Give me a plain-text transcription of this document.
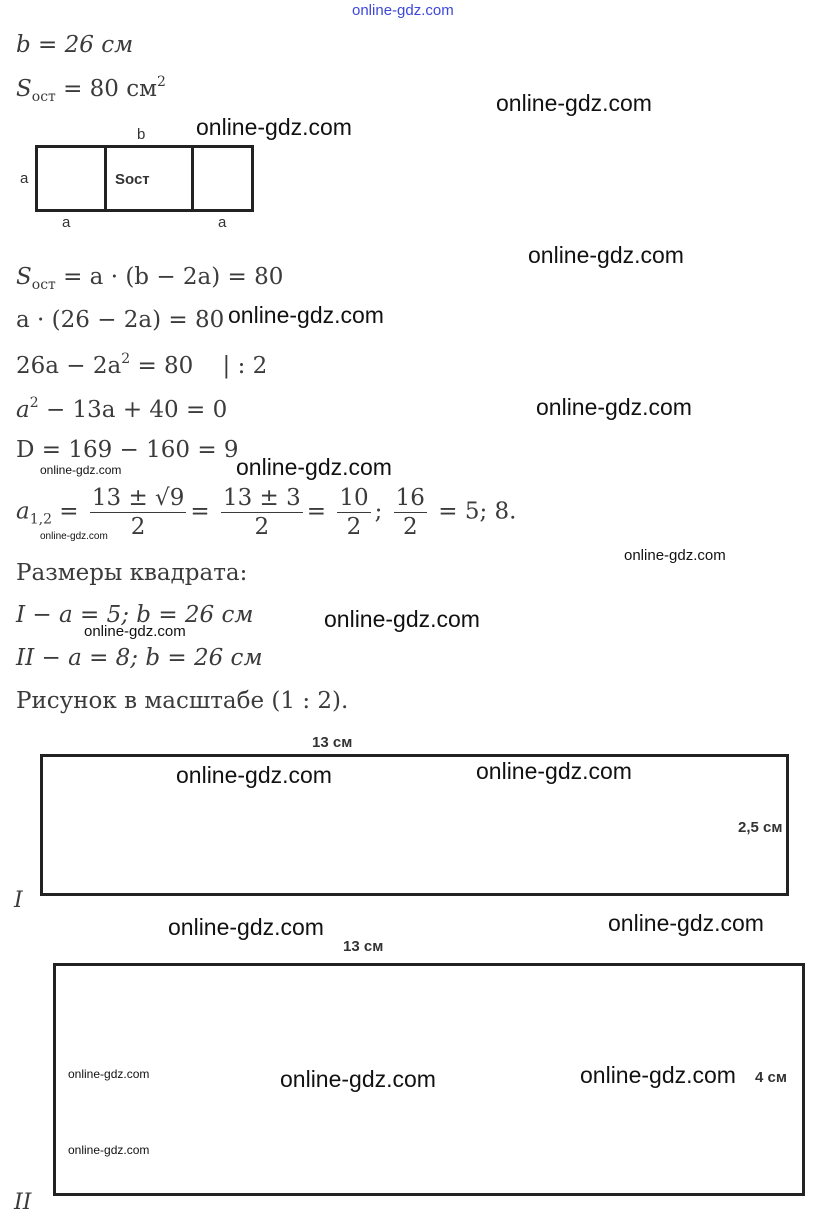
online-gdz.com
b = 26 см
$S_{ост} = 80$ $см^2$
b
a
a	a
Sост
$S_{ост} = a \cdot (b - 2a) = 80$
a · (26 − 2a) = 80
$26a - 2a^2 = 80$    | : 2
$a^2 - 13a + 40 = 0$
D = 169 − 160 = 9
$a_{1,2} = \frac{13 \pm √9}{2} = \frac{13 \pm 3}{2} = \frac{10}{2}$ ; $\frac{16}{2} = 5$; 8.
Размеры квадрата:
I − a = 5; b = 26 см
II − a = 8; b = 26 см
Рисунок в масштабе (1 : 2).
13 см
2,5 см
I
13 см
4 см
II
online-gdz.com
online-gdz.com
online-gdz.com
online-gdz.com
online-gdz.com
online-gdz.com
online-gdz.com
online-gdz.com	online-gdz.com
online-gdz.com	online-gdz.com
online-gdz.com	online-gdz.com
online-gdz.com
online-gdz.com
online-gdz.com
online-gdz.com
online-gdz.com
online-gdz.com
